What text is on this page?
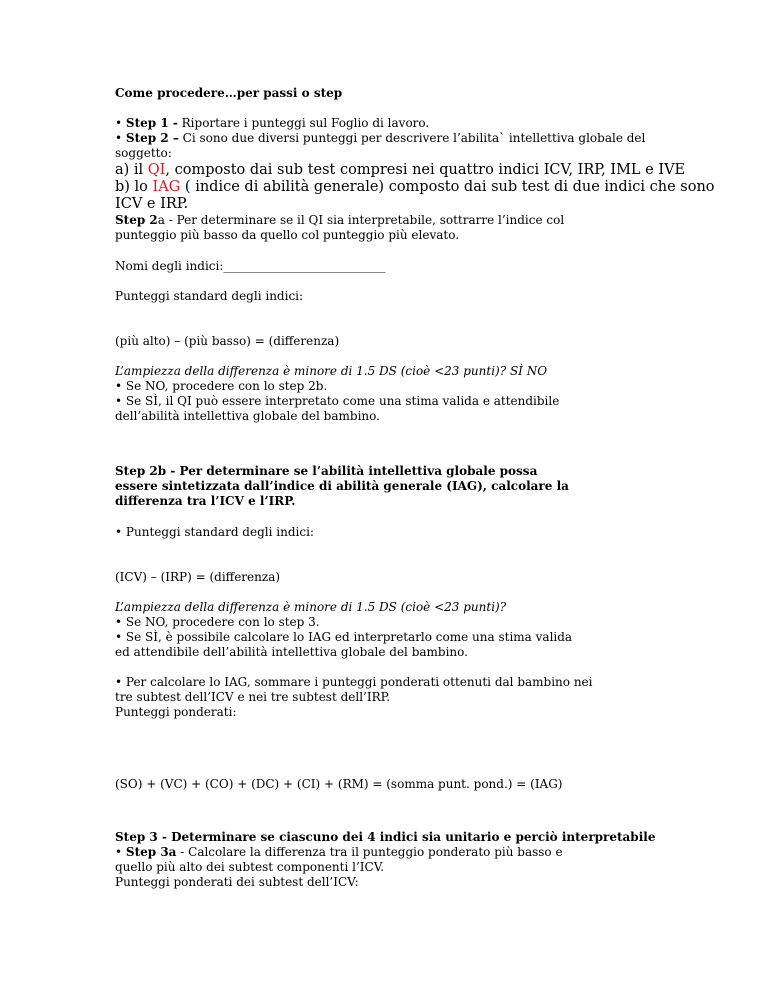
Come procedere…per passi o step
• Step 1 - Riportare i punteggi sul Foglio di lavoro.
• Step 2 – Ci sono due diversi punteggi per descrivere l’abilita` intellettiva globale del
soggetto:
a) il QI, composto dai sub test compresi nei quattro indici ICV, IRP, IML e IVE
b) lo IAG ( indice di abilità generale) composto dai sub test di due indici che sono
ICV e IRP.
Step 2a - Per determinare se il QI sia interpretabile, sottrarre l’indice col
punteggio più basso da quello col punteggio più elevato.
Nomi degli indici:___________________________
Punteggi standard degli indici:
(più alto) – (più basso) = (differenza)
L’ampiezza della differenza è minore di 1.5 DS (cioè <23 punti)? SÌ NO
• Se NO, procedere con lo step 2b.
• Se SÌ, il QI può essere interpretato come una stima valida e attendibile
dell’abilità intellettiva globale del bambino.
Step 2b - Per determinare se l’abilità intellettiva globale possa
essere sintetizzata dall’indice di abilità generale (IAG), calcolare la
differenza tra l’ICV e l’IRP.
• Punteggi standard degli indici:
(ICV) – (IRP) = (differenza)
L’ampiezza della differenza è minore di 1.5 DS (cioè <23 punti)?
• Se NO, procedere con lo step 3.
• Se SÌ, è possibile calcolare lo IAG ed interpretarlo come una stima valida
ed attendibile dell’abilità intellettiva globale del bambino.
• Per calcolare lo IAG, sommare i punteggi ponderati ottenuti dal bambino nei
tre subtest dell’ICV e nei tre subtest dell’IRP.
Punteggi ponderati:
(SO) + (VC) + (CO) + (DC) + (CI) + (RM) = (somma punt. pond.) = (IAG)
Step 3 - Determinare se ciascuno dei 4 indici sia unitario e perciò interpretabile
• Step 3a - Calcolare la differenza tra il punteggio ponderato più basso e
quello più alto dei subtest componenti l’ICV.
Punteggi ponderati dei subtest dell’ICV:
